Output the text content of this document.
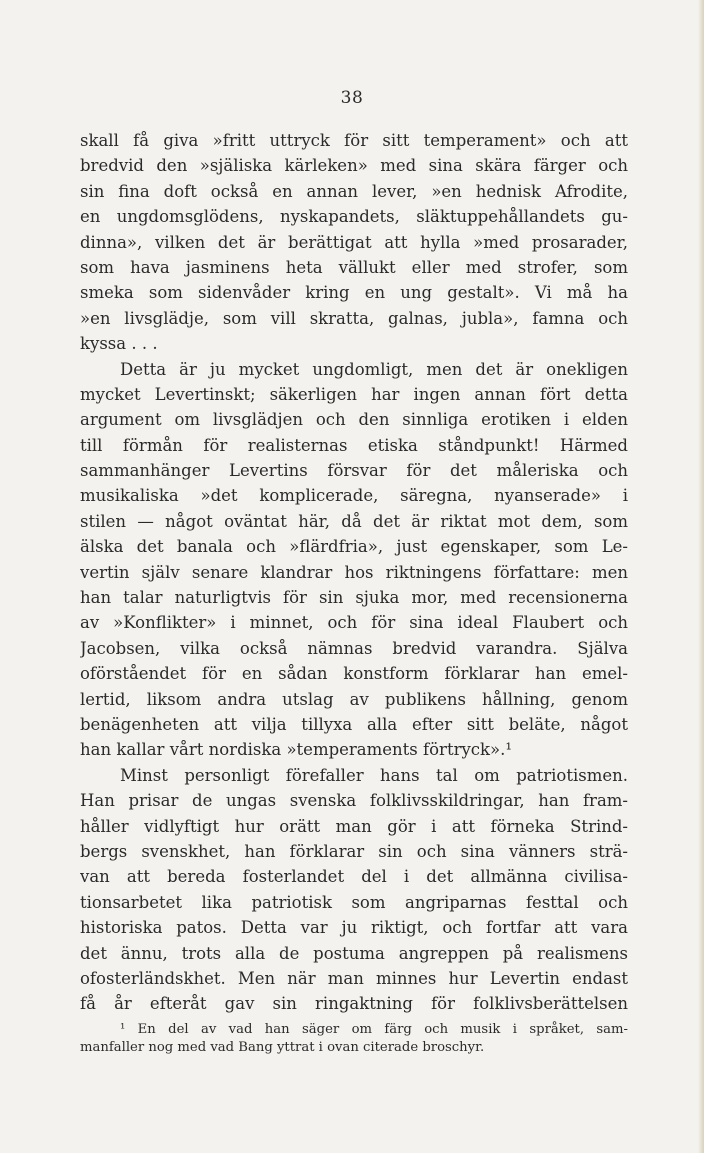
38
skall få giva »fritt uttryck för sitt temperament» och att
bredvid den »själiska kärleken» med sina skära färger och
sin fina doft också en annan lever, »en hednisk Afrodite,
en ungdomsglödens, nyskapandets, släktuppehållandets gu-
dinna», vilken det är berättigat att hylla »med prosarader,
som hava jasminens heta vällukt eller med strofer, som
smeka som sidenvåder kring en ung gestalt». Vi må ha
»en livsglädje, som vill skratta, galnas, jubla», famna och
kyssa . . .
Detta är ju mycket ungdomligt, men det är onekligen
mycket Levertinskt; säkerligen har ingen annan fört detta
argument om livsglädjen och den sinnliga erotiken i elden
till förmån för realisternas etiska ståndpunkt! Härmed
sammanhänger Levertins försvar för det måleriska och
musikaliska »det komplicerade, säregna, nyanserade» i
stilen — något oväntat här, då det är riktat mot dem, som
älska det banala och »flärdfria», just egenskaper, som Le-
vertin själv senare klandrar hos riktningens författare: men
han talar naturligtvis för sin sjuka mor, med recensionerna
av »Konflikter» i minnet, och för sina ideal Flaubert och
Jacobsen, vilka också nämnas bredvid varandra. Själva
oförståendet för en sådan konstform förklarar han emel-
lertid, liksom andra utslag av publikens hållning, genom
benägenheten att vilja tillyxa alla efter sitt beläte, något
han kallar vårt nordiska »temperaments förtryck».¹
Minst personligt förefaller hans tal om patriotismen.
Han prisar de ungas svenska folklivsskildringar, han fram-
håller vidlyftigt hur orätt man gör i att förneka Strind-
bergs svenskhet, han förklarar sin och sina vänners strä-
van att bereda fosterlandet del i det allmänna civilisa-
tionsarbetet lika patriotisk som angriparnas festtal och
historiska patos. Detta var ju riktigt, och fortfar att vara
det ännu, trots alla de postuma angreppen på realismens
ofosterländskhet. Men när man minnes hur Levertin endast
få år efteråt gav sin ringaktning för folklivsberättelsen
¹ En del av vad han säger om färg och musik i språket, sam-
manfaller nog med vad Bang yttrat i ovan citerade broschyr.
